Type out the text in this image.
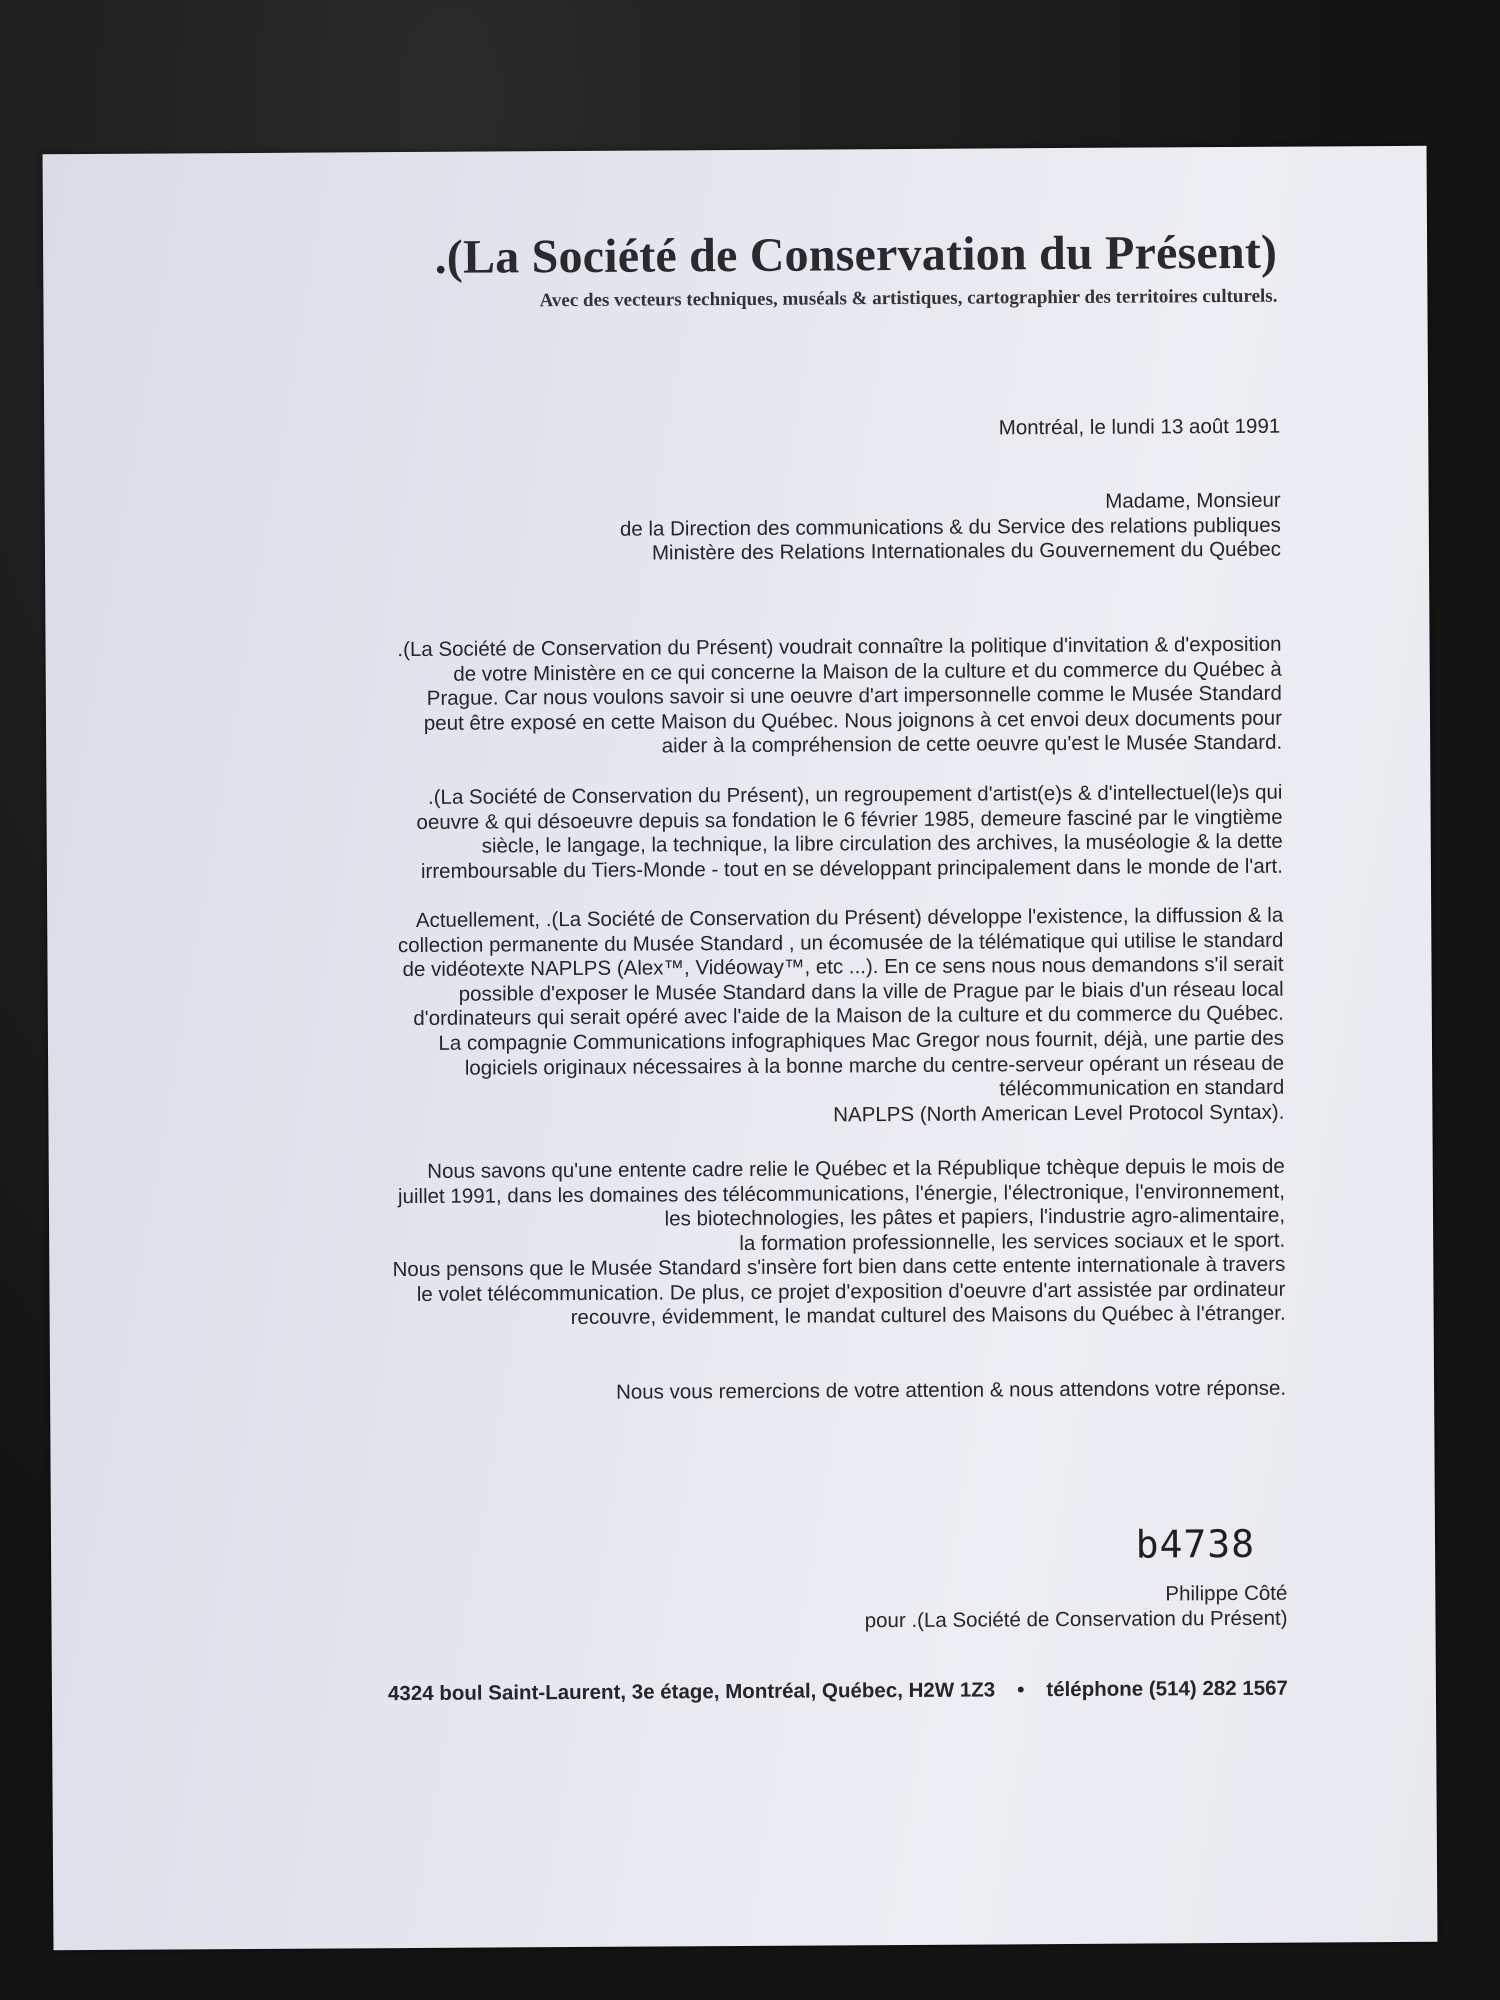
.(La Société de Conservation du Présent)
Avec des vecteurs techniques, muséals & artistiques, cartographier des territoires culturels.
Montréal, le lundi 13 août 1991
Madame, Monsieur
de la Direction des communications & du Service des relations publiques
Ministère des Relations Internationales du Gouvernement du Québec
.(La Société de Conservation du Présent) voudrait connaître la politique d'invitation & d'exposition
de votre Ministère en ce qui concerne la Maison de la culture et du commerce du Québec à
Prague. Car nous voulons savoir si une oeuvre d'art impersonnelle comme le Musée Standard
peut être exposé en cette Maison du Québec. Nous joignons à cet envoi deux documents pour
aider à la compréhension de cette oeuvre qu'est le Musée Standard.
.(La Société de Conservation du Présent), un regroupement d'artist(e)s & d'intellectuel(le)s qui
oeuvre & qui désoeuvre depuis sa fondation le 6 février 1985, demeure fasciné par le vingtième
siècle, le langage, la technique, la libre circulation des archives, la muséologie & la dette
irremboursable du Tiers-Monde - tout en se développant principalement dans le monde de l'art.
Actuellement, .(La Société de Conservation du Présent) développe l'existence, la diffussion & la
collection permanente du Musée Standard , un écomusée de la télématique qui utilise le standard
de vidéotexte NAPLPS (Alex™, Vidéoway™, etc ...). En ce sens nous nous demandons s'il serait
possible d'exposer le Musée Standard dans la ville de Prague par le biais d'un réseau local
d'ordinateurs qui serait opéré avec l'aide de la Maison de la culture et du commerce du Québec.
La compagnie Communications infographiques Mac Gregor nous fournit, déjà, une partie des
logiciels originaux nécessaires à la bonne marche du centre-serveur opérant un réseau de
télécommunication en standard
NAPLPS (North American Level Protocol Syntax).
Nous savons qu'une entente cadre relie le Québec et la République tchèque depuis le mois de
juillet 1991, dans les domaines des télécommunications, l'énergie, l'électronique, l'environnement,
les biotechnologies, les pâtes et papiers, l'industrie agro-alimentaire,
la formation professionnelle, les services sociaux et le sport.
Nous pensons que le Musée Standard s'insère fort bien dans cette entente internationale à travers
le volet télécommunication. De plus, ce projet d'exposition d'oeuvre d'art assistée par ordinateur
recouvre, évidemment, le mandat culturel des Maisons du Québec à l'étranger.
Nous vous remercions de votre attention & nous attendons votre réponse.
b4738
Philippe Côté
pour .(La Société de Conservation du Présent)
4324 boul Saint-Laurent, 3e étage, Montréal, Québec, H2W 1Z3 • téléphone (514) 282 1567
